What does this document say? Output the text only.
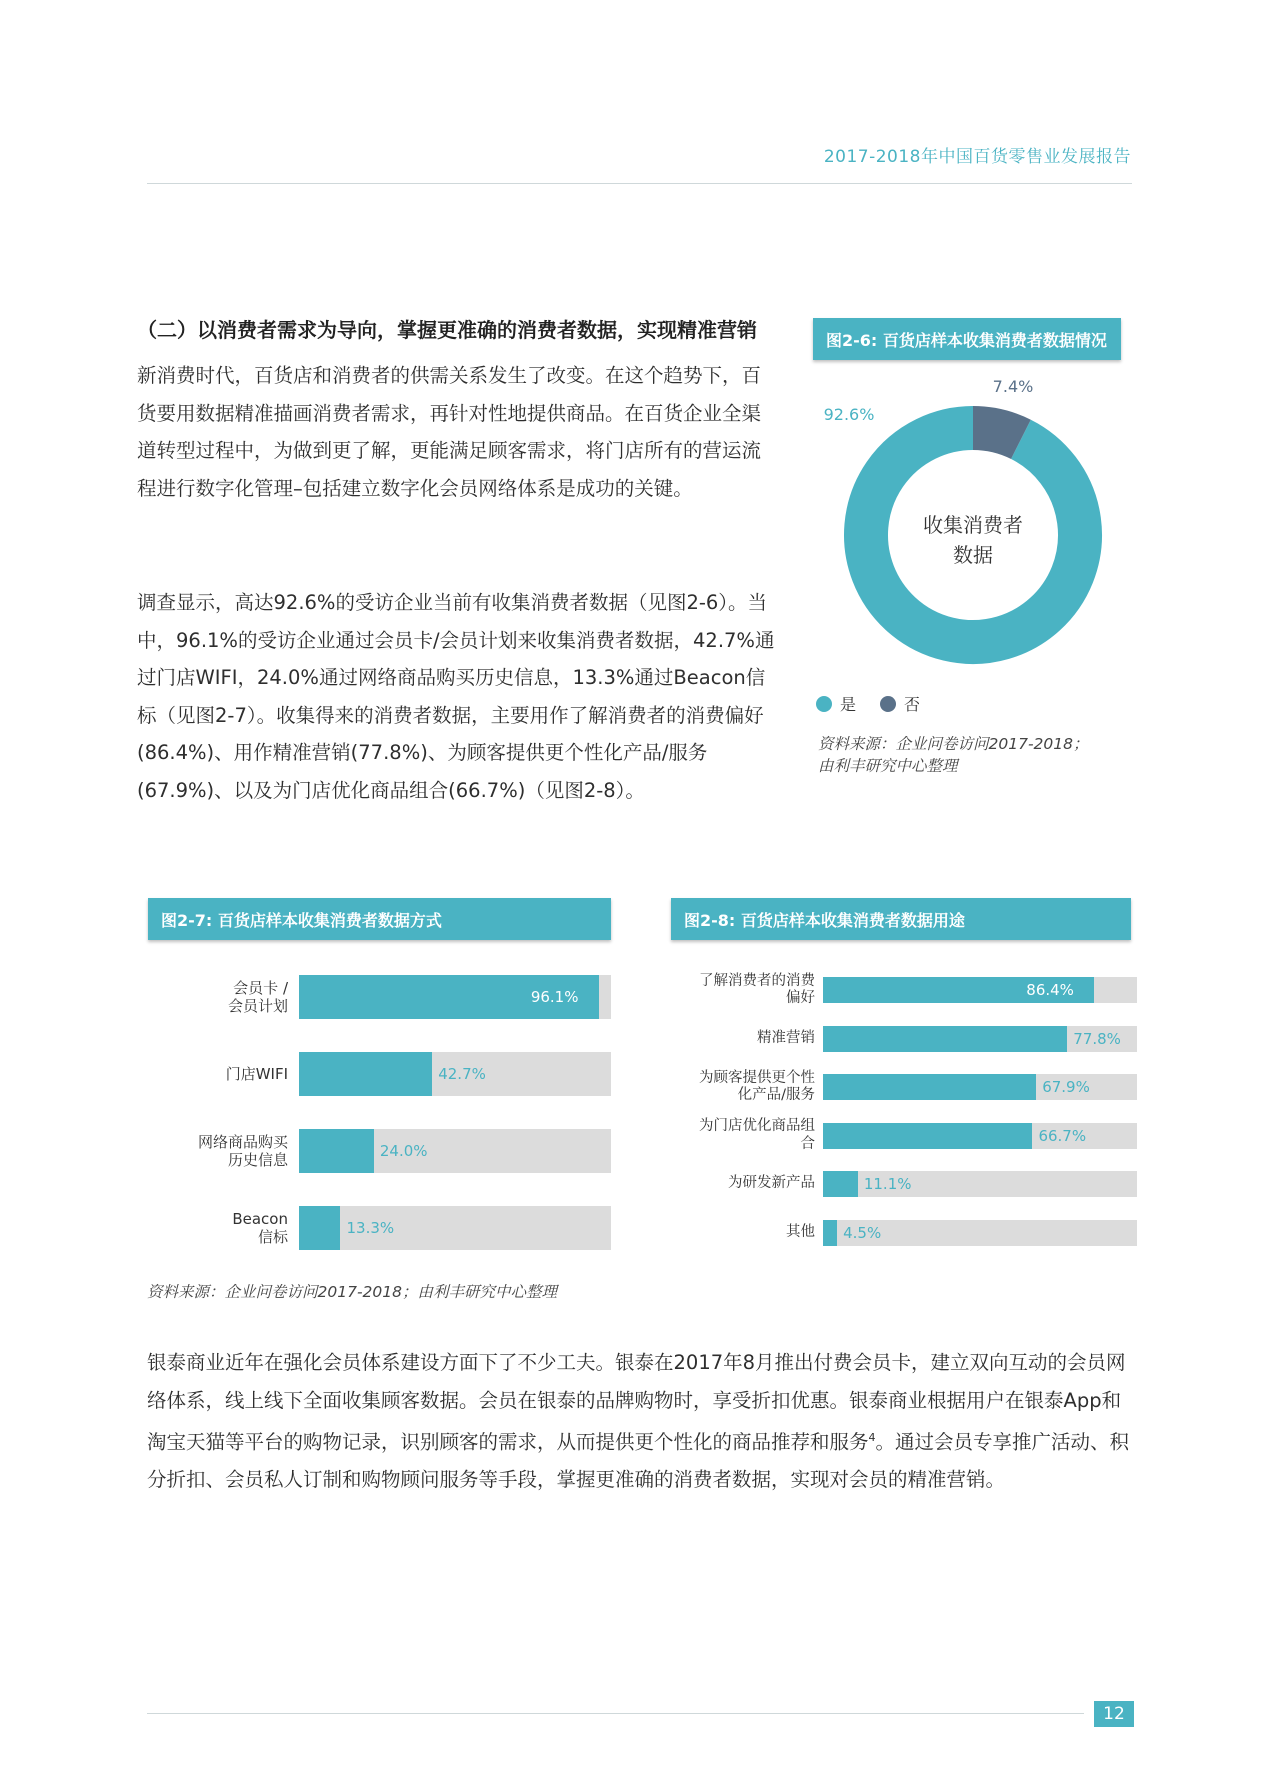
2017-2018年中国百货零售业发展报告
（二）以消费者需求为导向，掌握更准确的消费者数据，实现精准营销

新消费时代，百货店和消费者的供需关系发生了改变。在这个趋势下，百货要用数据精准描画消费者需求，再针对性地提供商品。在百货企业全渠道转型过程中，为做到更了解，更能满足顾客需求，将门店所有的营运流程进行数字化管理–包括建立数字化会员网络体系是成功的关键。

调查显示，高达92.6%的受访企业当前有收集消费者数据（见图2-6）。当中，96.1%的受访企业通过会员卡/会员计划来收集消费者数据，42.7%通过门店WIFI，24.0%通过网络商品购买历史信息，13.3%通过Beacon信标（见图2-7）。收集得来的消费者数据，主要用作了解消费者的消费偏好(86.4%)、用作精准营销(77.8%)、为顾客提供更个性化产品/服务(67.9%)、以及为门店优化商品组合(66.7%)（见图2-8）。

图2-6: 百货店样本收集消费者数据情况
收集消费者
92.6%
7.4%
数据
是	否
资料来源：企业问卷访问2017-2018；
由利丰研究中心整理
图2-7: 百货店样本收集消费者数据方式	图2-8: 百货店样本收集消费者数据用途
资料来源：企业问卷访问2017-2018；由利丰研究中心整理

银泰商业近年在强化会员体系建设方面下了不少工夫。银泰在2017年8月推出付费会员卡，建立双向互动的会员网络体系，线上线下全面收集顾客数据。会员在银泰的品牌购物时，享受折扣优惠。银泰商业根据用户在银泰App和淘宝天猫等平台的购物记录，识别顾客的需求，从而提供更个性化的商品推荐和服务$^4$。通过会员专享推广活动、积分折扣、会员私人订制和购物顾问服务等手段，掌握更准确的消费者数据，实现对会员的精准营销。

12
会员卡 /
会员计划	96.1%
门店WIFI	42.7%
网络商品购买
历史信息	24.0%
Beacon
信标	13.3%
了解消费者的消费
偏好	86.4%
精准营销	77.8%
为顾客提供更个性
化产品/服务	67.9%
为门店优化商品组
合	66.7%
为研发新产品	11.1%
其他 4.5%
